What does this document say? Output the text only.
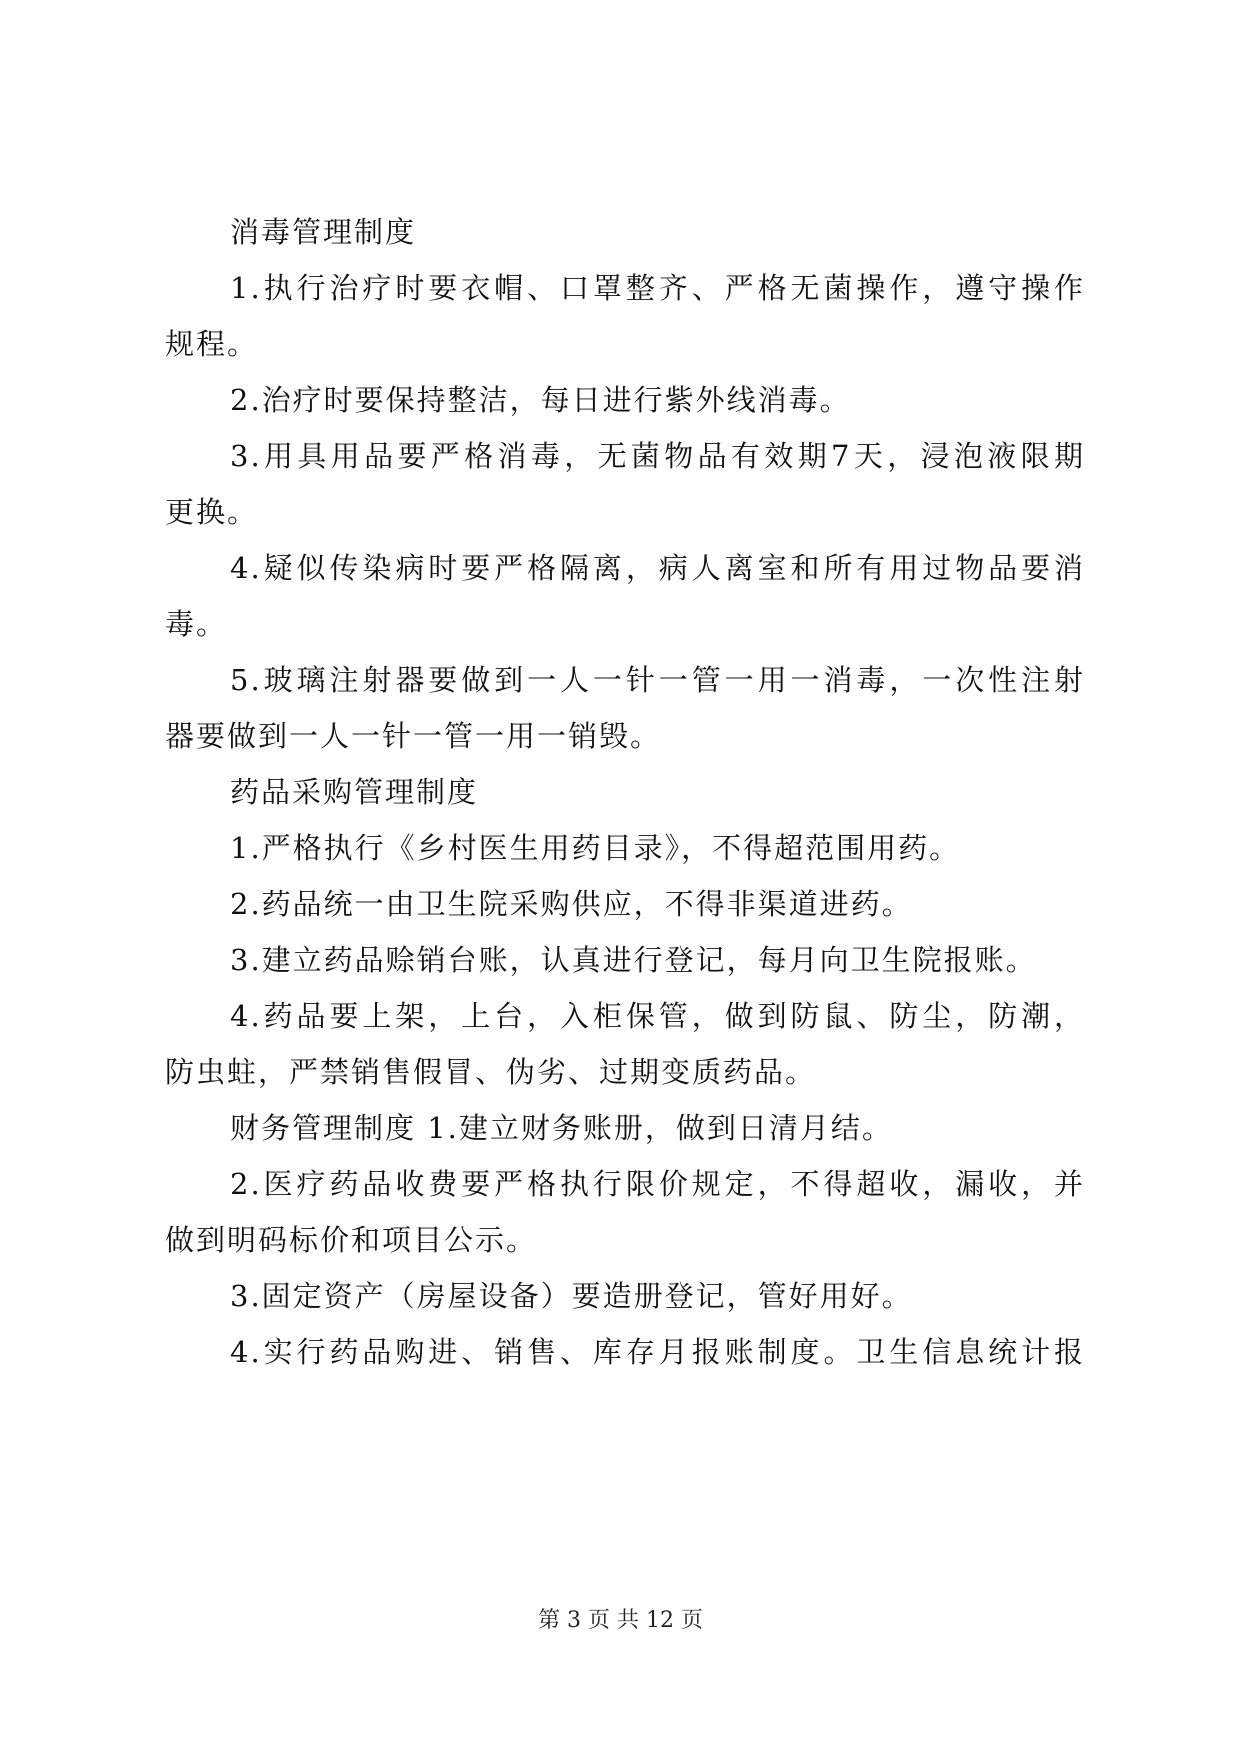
消毒管理制度
1.执行治疗时要衣帽、口罩整齐、严格无菌操作，遵守操作
规程。
2.治疗时要保持整洁，每日进行紫外线消毒。
3.用具用品要严格消毒，无菌物品有效期7天，浸泡液限期
更换。
4.疑似传染病时要严格隔离，病人离室和所有用过物品要消
毒。
5.玻璃注射器要做到一人一针一管一用一消毒，一次性注射
器要做到一人一针一管一用一销毁。
药品采购管理制度
1.严格执行《乡村医生用药目录》，不得超范围用药。
2.药品统一由卫生院采购供应，不得非渠道进药。
3.建立药品赊销台账，认真进行登记，每月向卫生院报账。
4.药品要上架，上台，入柜保管，做到防鼠、防尘，防潮，
防虫蛀，严禁销售假冒、伪劣、过期变质药品。
财务管理制度 1.建立财务账册，做到日清月结。
2.医疗药品收费要严格执行限价规定，不得超收，漏收，并
做到明码标价和项目公示。
3.固定资产（房屋设备）要造册登记，管好用好。
4.实行药品购进、销售、库存月报账制度。卫生信息统计报
第 3 页 共 12 页
